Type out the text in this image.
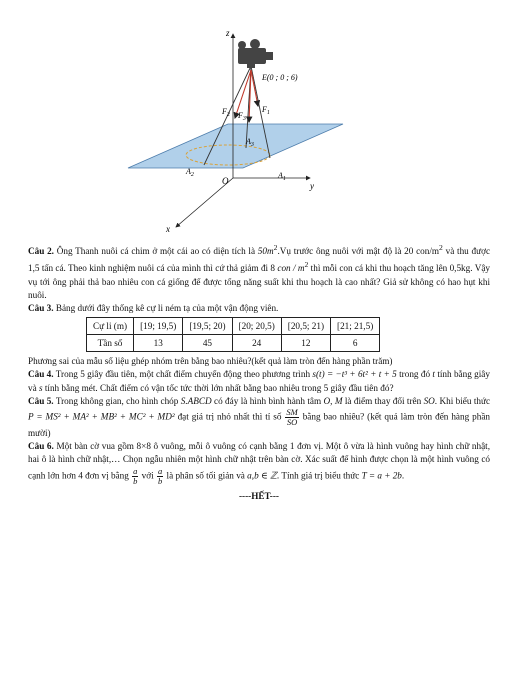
z
y
x
O
E(0 ; 0 ; 6)
$F_1$
$F_2$ $F_3$
$A_1$
$A_2$
$A_3$

Câu 2. Ông Thanh nuôi cá chim ở một cái ao có diện tích là $50m^2.Vụ$ trước ông nuôi với mật độ là 20 con/$m^2$ và thu được 1,5 tấn cá. Theo kinh nghiệm nuôi cá của mình thì cứ thả giảm đi 8 con / $m^2$ thì mỗi con cá khi thu hoạch tăng lên 0,5kg. Vậy vụ tới ông phải thả bao nhiêu con cá giống để được tổng năng suất khi thu hoạch là cao nhất? Giả sử không có hao hụt khi nuôi.

Câu 3. Bảng dưới đây thống kê cự li ném tạ của một vận động viên.

Cự li (m)	[19; 19,5)	[19,5; 20)	[20; 20,5)	[20,5; 21)	[21; 21,5)
Tần số	13	45	24	12	6

Phương sai của mẫu số liệu ghép nhóm trên bằng bao nhiêu?(kết quả làm tròn đến hàng phần trăm)

Câu 4. Trong 5 giây đầu tiên, một chất điểm chuyển động theo phương trình s(t) = −t³ + 6t² + t + 5 trong đó t tính bằng giây và s tính bằng mét. Chất điểm có vận tốc tức thời lớn nhất bằng bao nhiêu trong 5 giây đầu tiên đó?

Câu 5. Trong không gian, cho hình chóp S.ABCD có đáy là hình bình hành tâm O, M là điểm thay đổi trên SO. Khi biểu thức P = MS² + MA² + MB² + MC² + MD² đạt giá trị nhỏ nhất thì tỉ số $\frac{SM}{SO}$ bằng bao nhiêu? (kết quả làm tròn đến hàng phần mười)

Câu 6. Một bàn cờ vua gồm 8×8 ô vuông, mỗi ô vuông có cạnh bằng 1 đơn vị. Một ô vừa là hình vuông hay hình chữ nhật, hai ô là hình chữ nhật,… Chọn ngẫu nhiên một hình chữ nhật trên bàn cờ. Xác suất để hình được chọn là một hình vuông có cạnh lớn hơn 4 đơn vị bằng $\frac{a}{b}$ với $\frac{a}{b}$ là phân số tối giản và a,b ∈ ℤ. Tính giá trị biểu thức T = a + 2b.

----HẾT---
